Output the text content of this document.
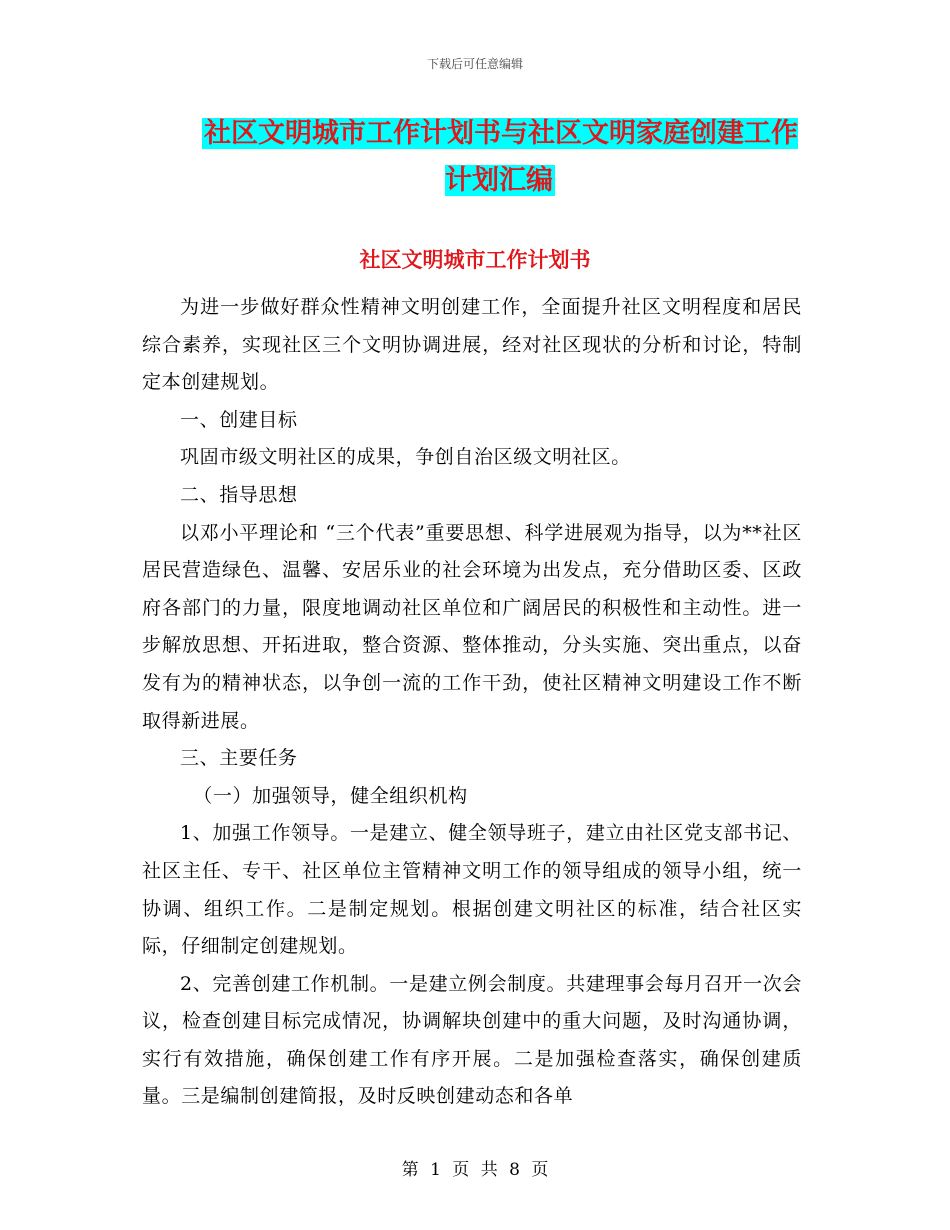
下载后可任意编辑
社区文明城市工作计划书与社区文明家庭创建工作计划汇编
社区文明城市工作计划书

为进一步做好群众性精神文明创建工作，全面提升社区文明程度和居民综合素养，实现社区三个文明协调进展，经对社区现状的分析和讨论，特制定本创建规划。

一、创建目标

巩固市级文明社区的成果，争创自治区级文明社区。

二、指导思想

以邓小平理论和 “三个代表”重要思想、科学进展观为指导，以为**社区居民营造绿色、温馨、安居乐业的社会环境为出发点，充分借助区委、区政府各部门的力量，限度地调动社区单位和广阔居民的积极性和主动性。进一步解放思想、开拓进取，整合资源、整体推动，分头实施、突出重点，以奋发有为的精神状态，以争创一流的工作干劲，使社区精神文明建设工作不断取得新进展。

三、主要任务

（一）加强领导，健全组织机构

1、加强工作领导。一是建立、健全领导班子，建立由社区党支部书记、社区主任、专干、社区单位主管精神文明工作的领导组成的领导小组，统一协调、组织工作。二是制定规划。根据创建文明社区的标准，结合社区实际，仔细制定创建规划。

2、完善创建工作机制。一是建立例会制度。共建理事会每月召开一次会议，检查创建目标完成情况，协调解块创建中的重大问题，及时沟通协调，实行有效措施，确保创建工作有序开展。二是加强检查落实，确保创建质量。三是编制创建简报，及时反映创建动态和各单

第 1 页 共 8 页
